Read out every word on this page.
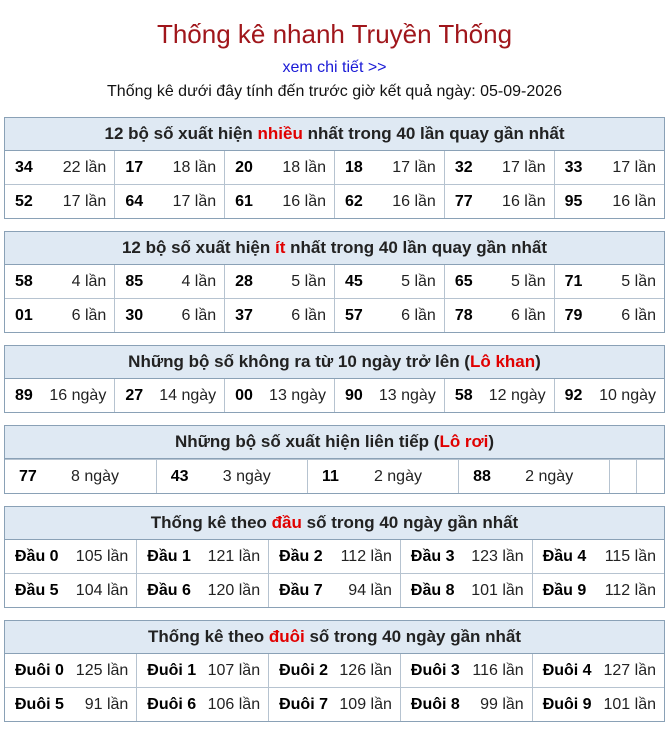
Thống kê nhanh Truyền Thống
xem chi tiết >>
Thống kê dưới đây tính đến trước giờ kết quả ngày: 05-09-2026
12 bộ số xuất hiện nhiều nhất trong 40 lần quay gần nhất
34 22 lần	17 18 lần	20 18 lần	18 17 lần	32 17 lần	33 17 lần

52 17 lần	64 17 lần	61 16 lần	62 16 lần	77 16 lần	95 16 lần
12 bộ số xuất hiện ít nhất trong 40 lần quay gần nhất
58 4 lần	85 4 lần	28 5 lần	45 5 lần	65 5 lần	71 5 lần

01 6 lần	30 6 lần	37 6 lần	57 6 lần	78 6 lần	79 6 lần
Những bộ số không ra từ 10 ngày trở lên (Lô khan)
89 16 ngày	27 14 ngày	00 13 ngày	90 13 ngày	58 12 ngày	92 10 ngày
Những bộ số xuất hiện liên tiếp (Lô rơi)
77	8 ngày	43	3 ngày	11	2 ngày	88	2 ngày

Thống kê theo đầu số trong 40 ngày gần nhất
Đầu 0 105 lần	Đầu 1 121 lần	Đầu 2 112 lần	Đầu 3 123 lần	Đầu 4 115 lần

Đầu 5 104 lần	Đầu 6 120 lần	Đầu 7 94 lần	Đầu 8 101 lần	Đầu 9 112 lần
Thống kê theo đuôi số trong 40 ngày gần nhất
Đuôi 0 125 lần	Đuôi 1 107 lần	Đuôi 2 126 lần	Đuôi 3 116 lần	Đuôi 4 127 lần

Đuôi 5 91 lần	Đuôi 6 106 lần	Đuôi 7 109 lần	Đuôi 8 99 lần	Đuôi 9 101 lần
